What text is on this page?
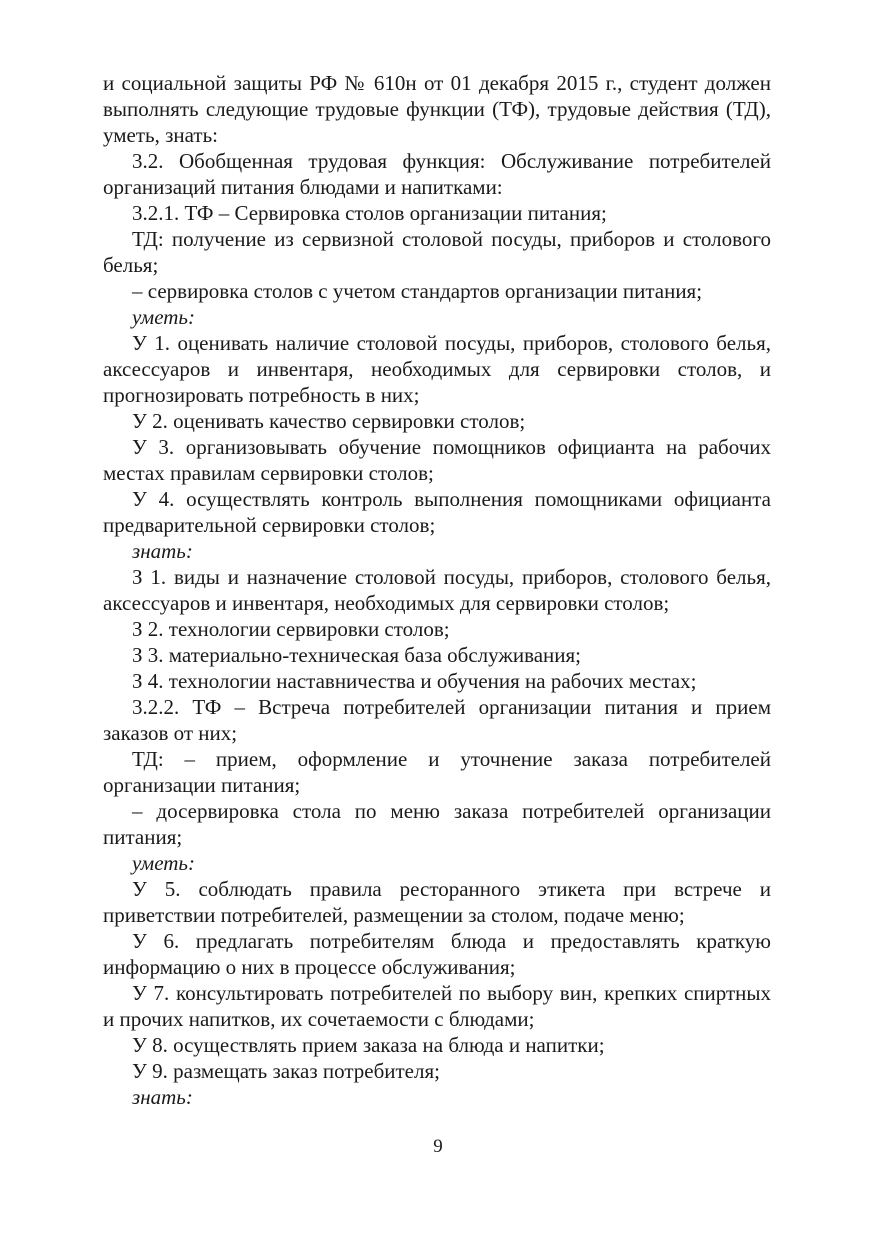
и социальной защиты РФ № 610н от 01 декабря 2015 г., студент должен выполнять следующие трудовые функции (ТФ), трудовые действия (ТД), уметь, знать:

3.2. Обобщенная трудовая функция: Обслуживание потребителей организаций питания блюдами и напитками:

3.2.1. ТФ – Сервировка столов организации питания;

ТД: получение из сервизной столовой посуды, приборов и столового белья;

– сервировка столов с учетом стандартов организации питания;

уметь:

У 1. оценивать наличие столовой посуды, приборов, столового белья, аксессуаров и инвентаря, необходимых для сервировки столов, и прогнозировать потребность в них;

У 2. оценивать качество сервировки столов;

У 3. организовывать обучение помощников официанта на рабочих местах правилам сервировки столов;

У 4. осуществлять контроль выполнения помощниками официанта предварительной сервировки столов;

знать:

З 1. виды и назначение столовой посуды, приборов, столового белья, аксессуаров и инвентаря, необходимых для сервировки столов;

З 2. технологии сервировки столов;

З 3. материально-техническая база обслуживания;

З 4. технологии наставничества и обучения на рабочих местах;

3.2.2. ТФ – Встреча потребителей организации питания и прием заказов от них;

ТД: – прием, оформление и уточнение заказа потребителей организации питания;

– досервировка стола по меню заказа потребителей организации питания;

уметь:

У 5. соблюдать правила ресторанного этикета при встрече и приветствии потребителей, размещении за столом, подаче меню;

У 6. предлагать потребителям блюда и предоставлять краткую информацию о них в процессе обслуживания;

У 7. консультировать потребителей по выбору вин, крепких спиртных и прочих напитков, их сочетаемости с блюдами;

У 8. осуществлять прием заказа на блюда и напитки;

У 9. размещать заказ потребителя;

знать:

9
